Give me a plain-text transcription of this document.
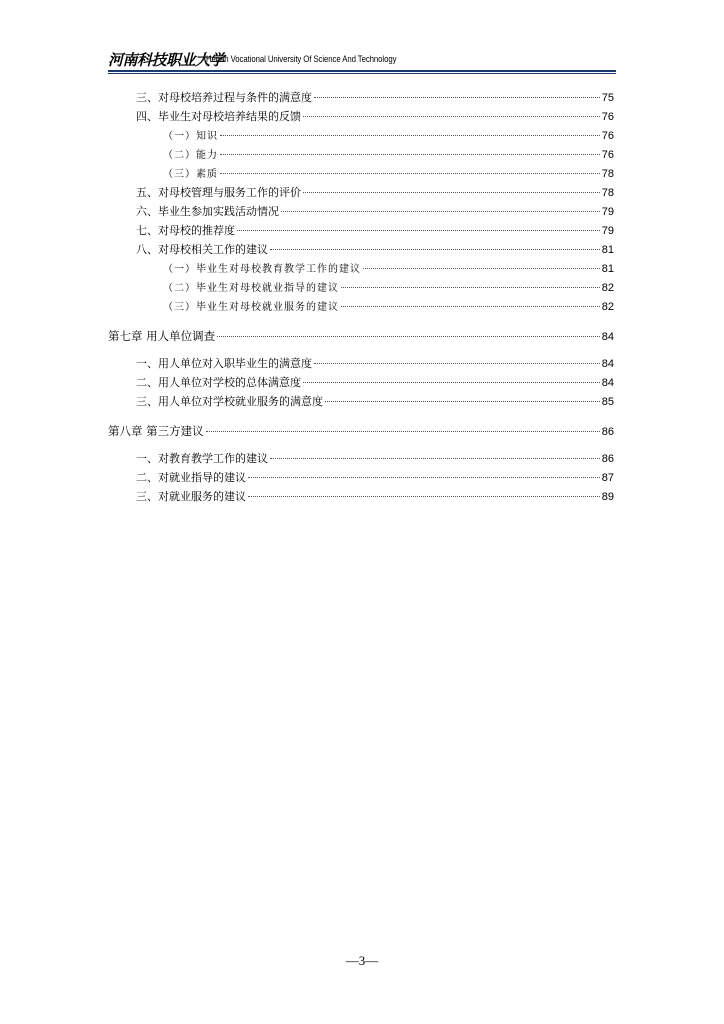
河南科技职业大学
Henan Vocational University Of Science And Technology
三、对母校培养过程与条件的满意度	75
四、毕业生对母校培养结果的反馈	76
（一）知识	76
（二）能力	76
（三）素质	78
五、对母校管理与服务工作的评价	78
六、毕业生参加实践活动情况	79
七、对母校的推荐度	79
八、对母校相关工作的建议	81
（一）毕业生对母校教育教学工作的建议	81
（二）毕业生对母校就业指导的建议	82
（三）毕业生对母校就业服务的建议	82
第七章 用人单位调查	84
一、用人单位对入职毕业生的满意度	84
二、用人单位对学校的总体满意度	84
三、用人单位对学校就业服务的满意度	85
第八章 第三方建议	86
一、对教育教学工作的建议	86
二、对就业指导的建议	87
三、对就业服务的建议	89
—3—
